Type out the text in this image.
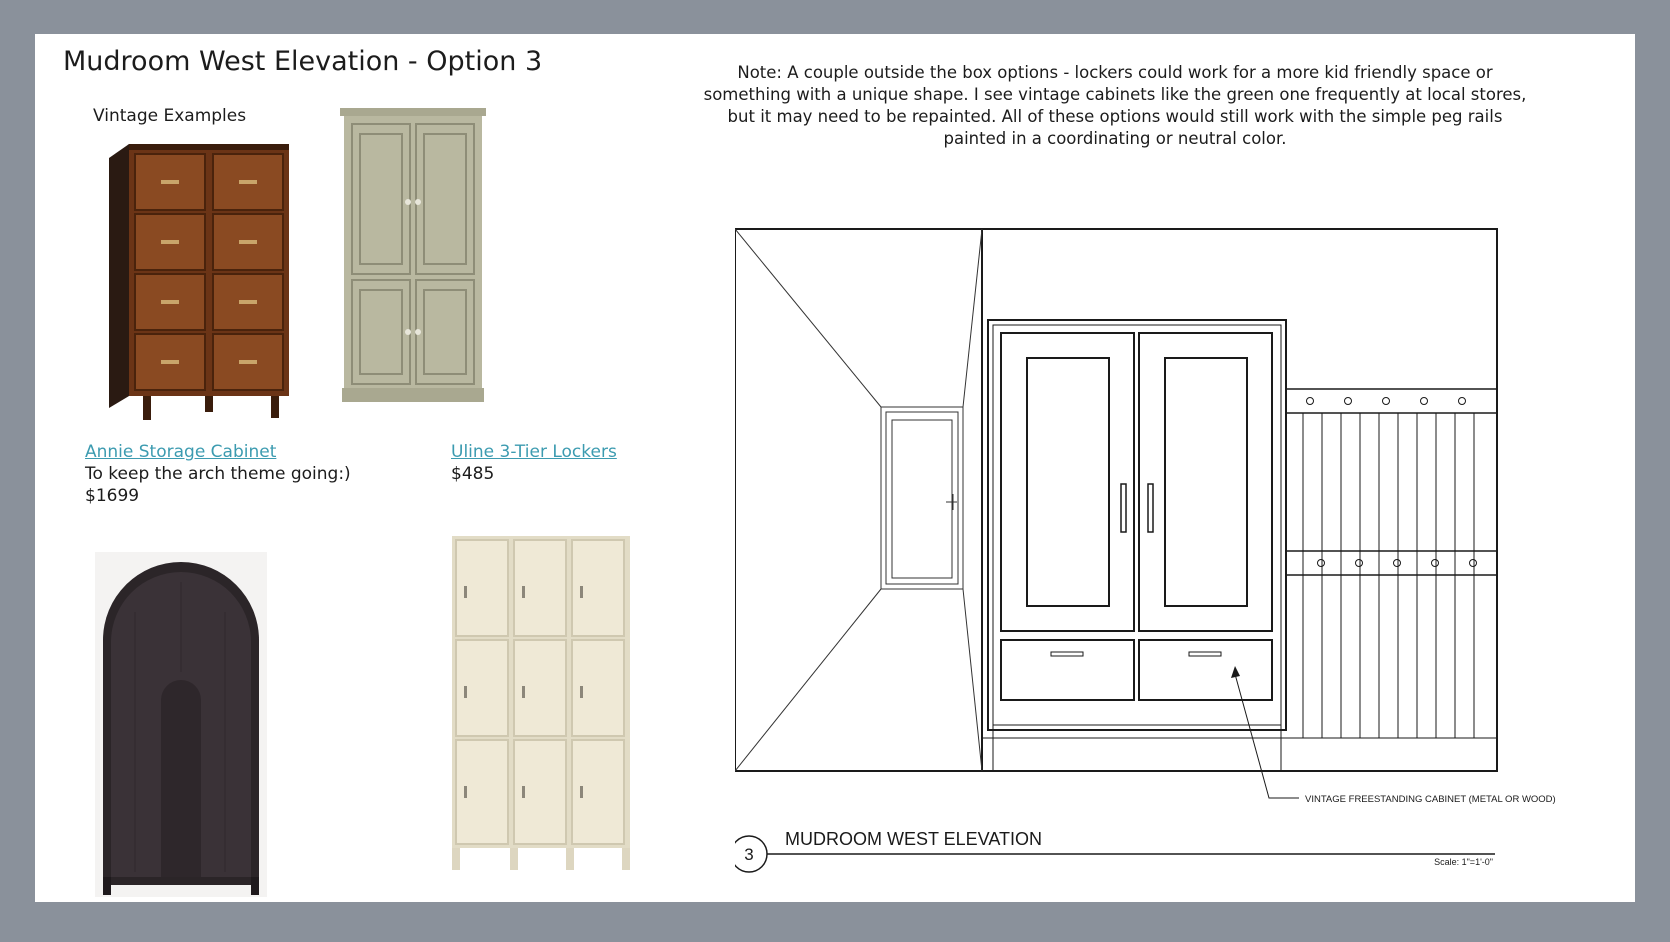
Mudroom West Elevation - Option 3	Note: A couple outside the box options - lockers could work for a more kid friendly space or something with a unique shape. I see vintage cabinets like the green one frequently at local stores, but it may need to be repainted. All of these options would still work with the simple peg rails painted in a coordinating or neutral color.
Vintage Examples
Annie Storage Cabinet
To keep the arch theme going:)
$1699
Uline 3-Tier Lockers
$485
VINTAGE FREESTANDING CABINET (METAL OR WOOD)
3
MUDROOM WEST ELEVATION
Scale: 1"=1'-0"
